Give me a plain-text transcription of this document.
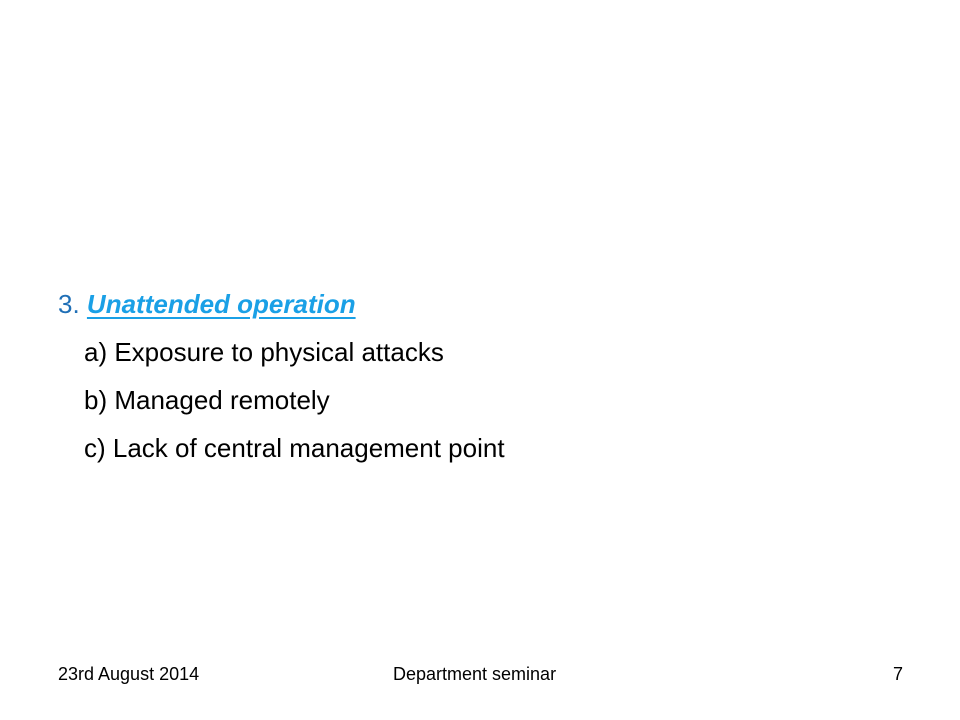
3. Unattended operation
a) Exposure to physical attacks
b) Managed remotely
c) Lack of central management point
23rd August 2014	Department seminar	7
